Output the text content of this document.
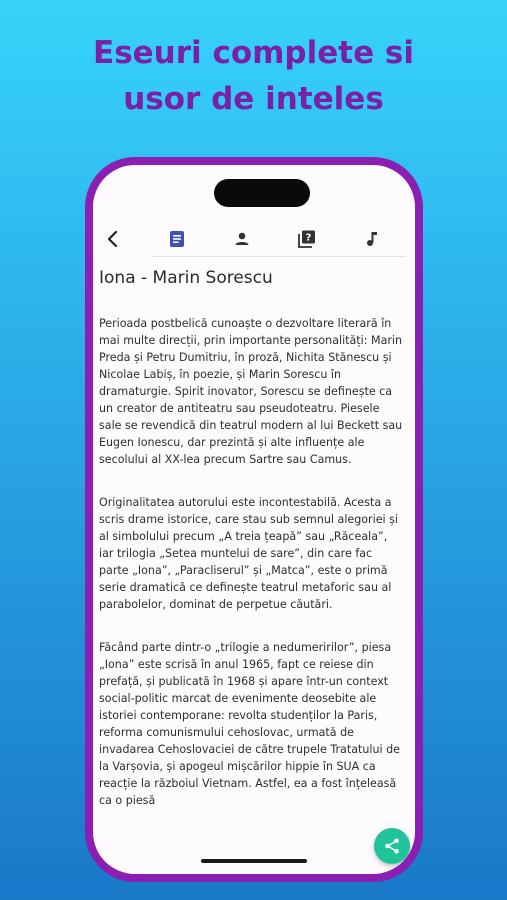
Eseuri complete si
usor de inteles
?
Iona - Marin Sorescu

Perioada postbelică cunoaște o dezvoltare literară în mai multe direcții, prin importante personalități: Marin Preda și Petru Dumitriu, în proză, Nichita Stănescu și Nicolae Labiș, în poezie, și Marin Sorescu în dramaturgie. Spirit inovator, Sorescu se definește ca un creator de antiteatru sau pseudoteatru. Piesele sale se revendică din teatrul modern al lui Beckett sau Eugen Ionescu, dar prezintă și alte influențe ale secolului al XX-lea precum Sartre sau Camus.

Originalitatea autorului este incontestabilă. Acesta a scris drame istorice, care stau sub semnul alegoriei și al simbolului precum „A treia țeapă” sau „Răceala”, iar trilogia „Setea muntelui de sare”, din care fac parte „Iona”, „Paracliserul” și „Matca”, este o primă serie dramatică ce definește teatrul metaforic sau al parabolelor, dominat de perpetue căutări.

Făcând parte dintr-o „trilogie a nedumeririlor”, piesa „Iona” este scrisă în anul 1965, fapt ce reiese din prefață, și publicată în 1968 și apare într-un context social-politic marcat de evenimente deosebite ale istoriei contemporane: revolta studenților la Paris, reforma comunismului cehoslovac, urmată de invadarea Cehoslovaciei de către trupele Tratatului de la Varșovia, și apogeul mișcărilor hippie în SUA ca reacție la războiul Vietnam. Astfel, ea a fost înțeleasă ca o piesă
